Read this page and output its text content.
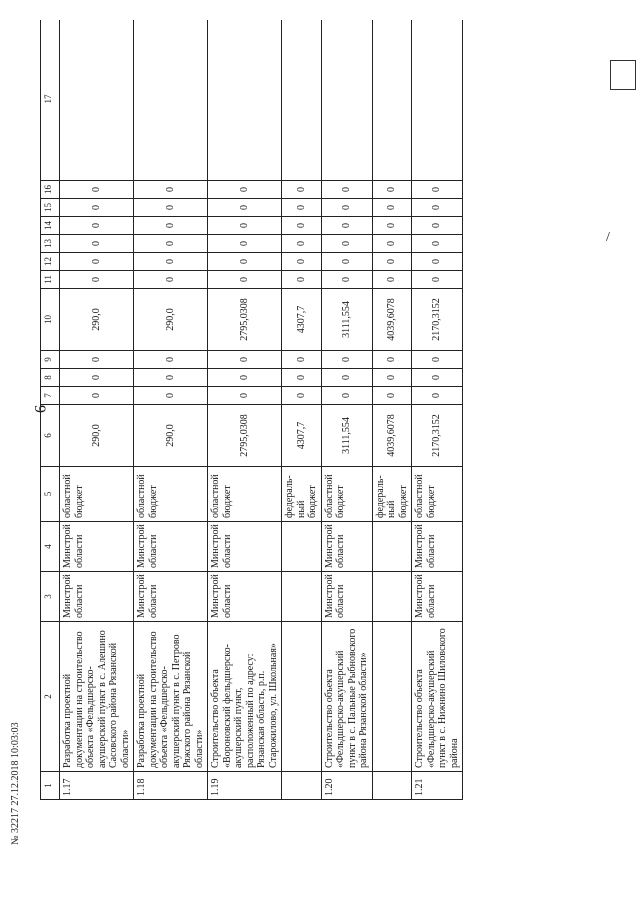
9
/
1	2	3	4	5	6	7	8	9	10	11	12	13	14	15	16	17
1.17	Разработка проектной документации на строительство объекта «Фельдшерско-акушерский пункт в с. Алешино Сасовского района Рязанской области»	Минстрой области	Минстрой области	областной бюджет	290,0	0	0	0	290,0	0	0	0	0	0	0	
1.18	Разработка проектной документации на строительство объекта «Фельдшерско-акушерский пункт в с. Петрово Ряжского района Рязанской области»	Минстрой области	Минстрой области	областной бюджет	290,0	0	0	0	290,0	0	0	0	0	0	0	
1.19	Строительство объекта «Вороновский фельдшерско-акушерский пункт, расположенный по адресу: Рязанская область, р.п. Старожилово, ул. Школьная»	Минстрой области	Минстрой области	областной бюджет	2795,0308	0	0	0	2795,0308	0	0	0	0	0	0	
				федераль-ный бюджет	4307,7	0	0	0	4307,7	0	0	0	0	0	0	
1.20	Строительство объекта «Фельдшерско-акушерский пункт в с. Пальные Рыбновского района Рязанской области»	Минстрой области	Минстрой области	областной бюджет	3111,554	0	0	0	3111,554	0	0	0	0	0	0	
				федераль-ный бюджет	4039,6078	0	0	0	4039,6078	0	0	0	0	0	0	
1.21	Строительство объекта «Фельдшерско-акушерский пункт в с. Нижнино Шиловского района	Минстрой области	Минстрой области	областной бюджет	2170,3152	0	0	0	2170,3152	0	0	0	0	0	0	
№ 32217 27.12.2018 10:03:03
